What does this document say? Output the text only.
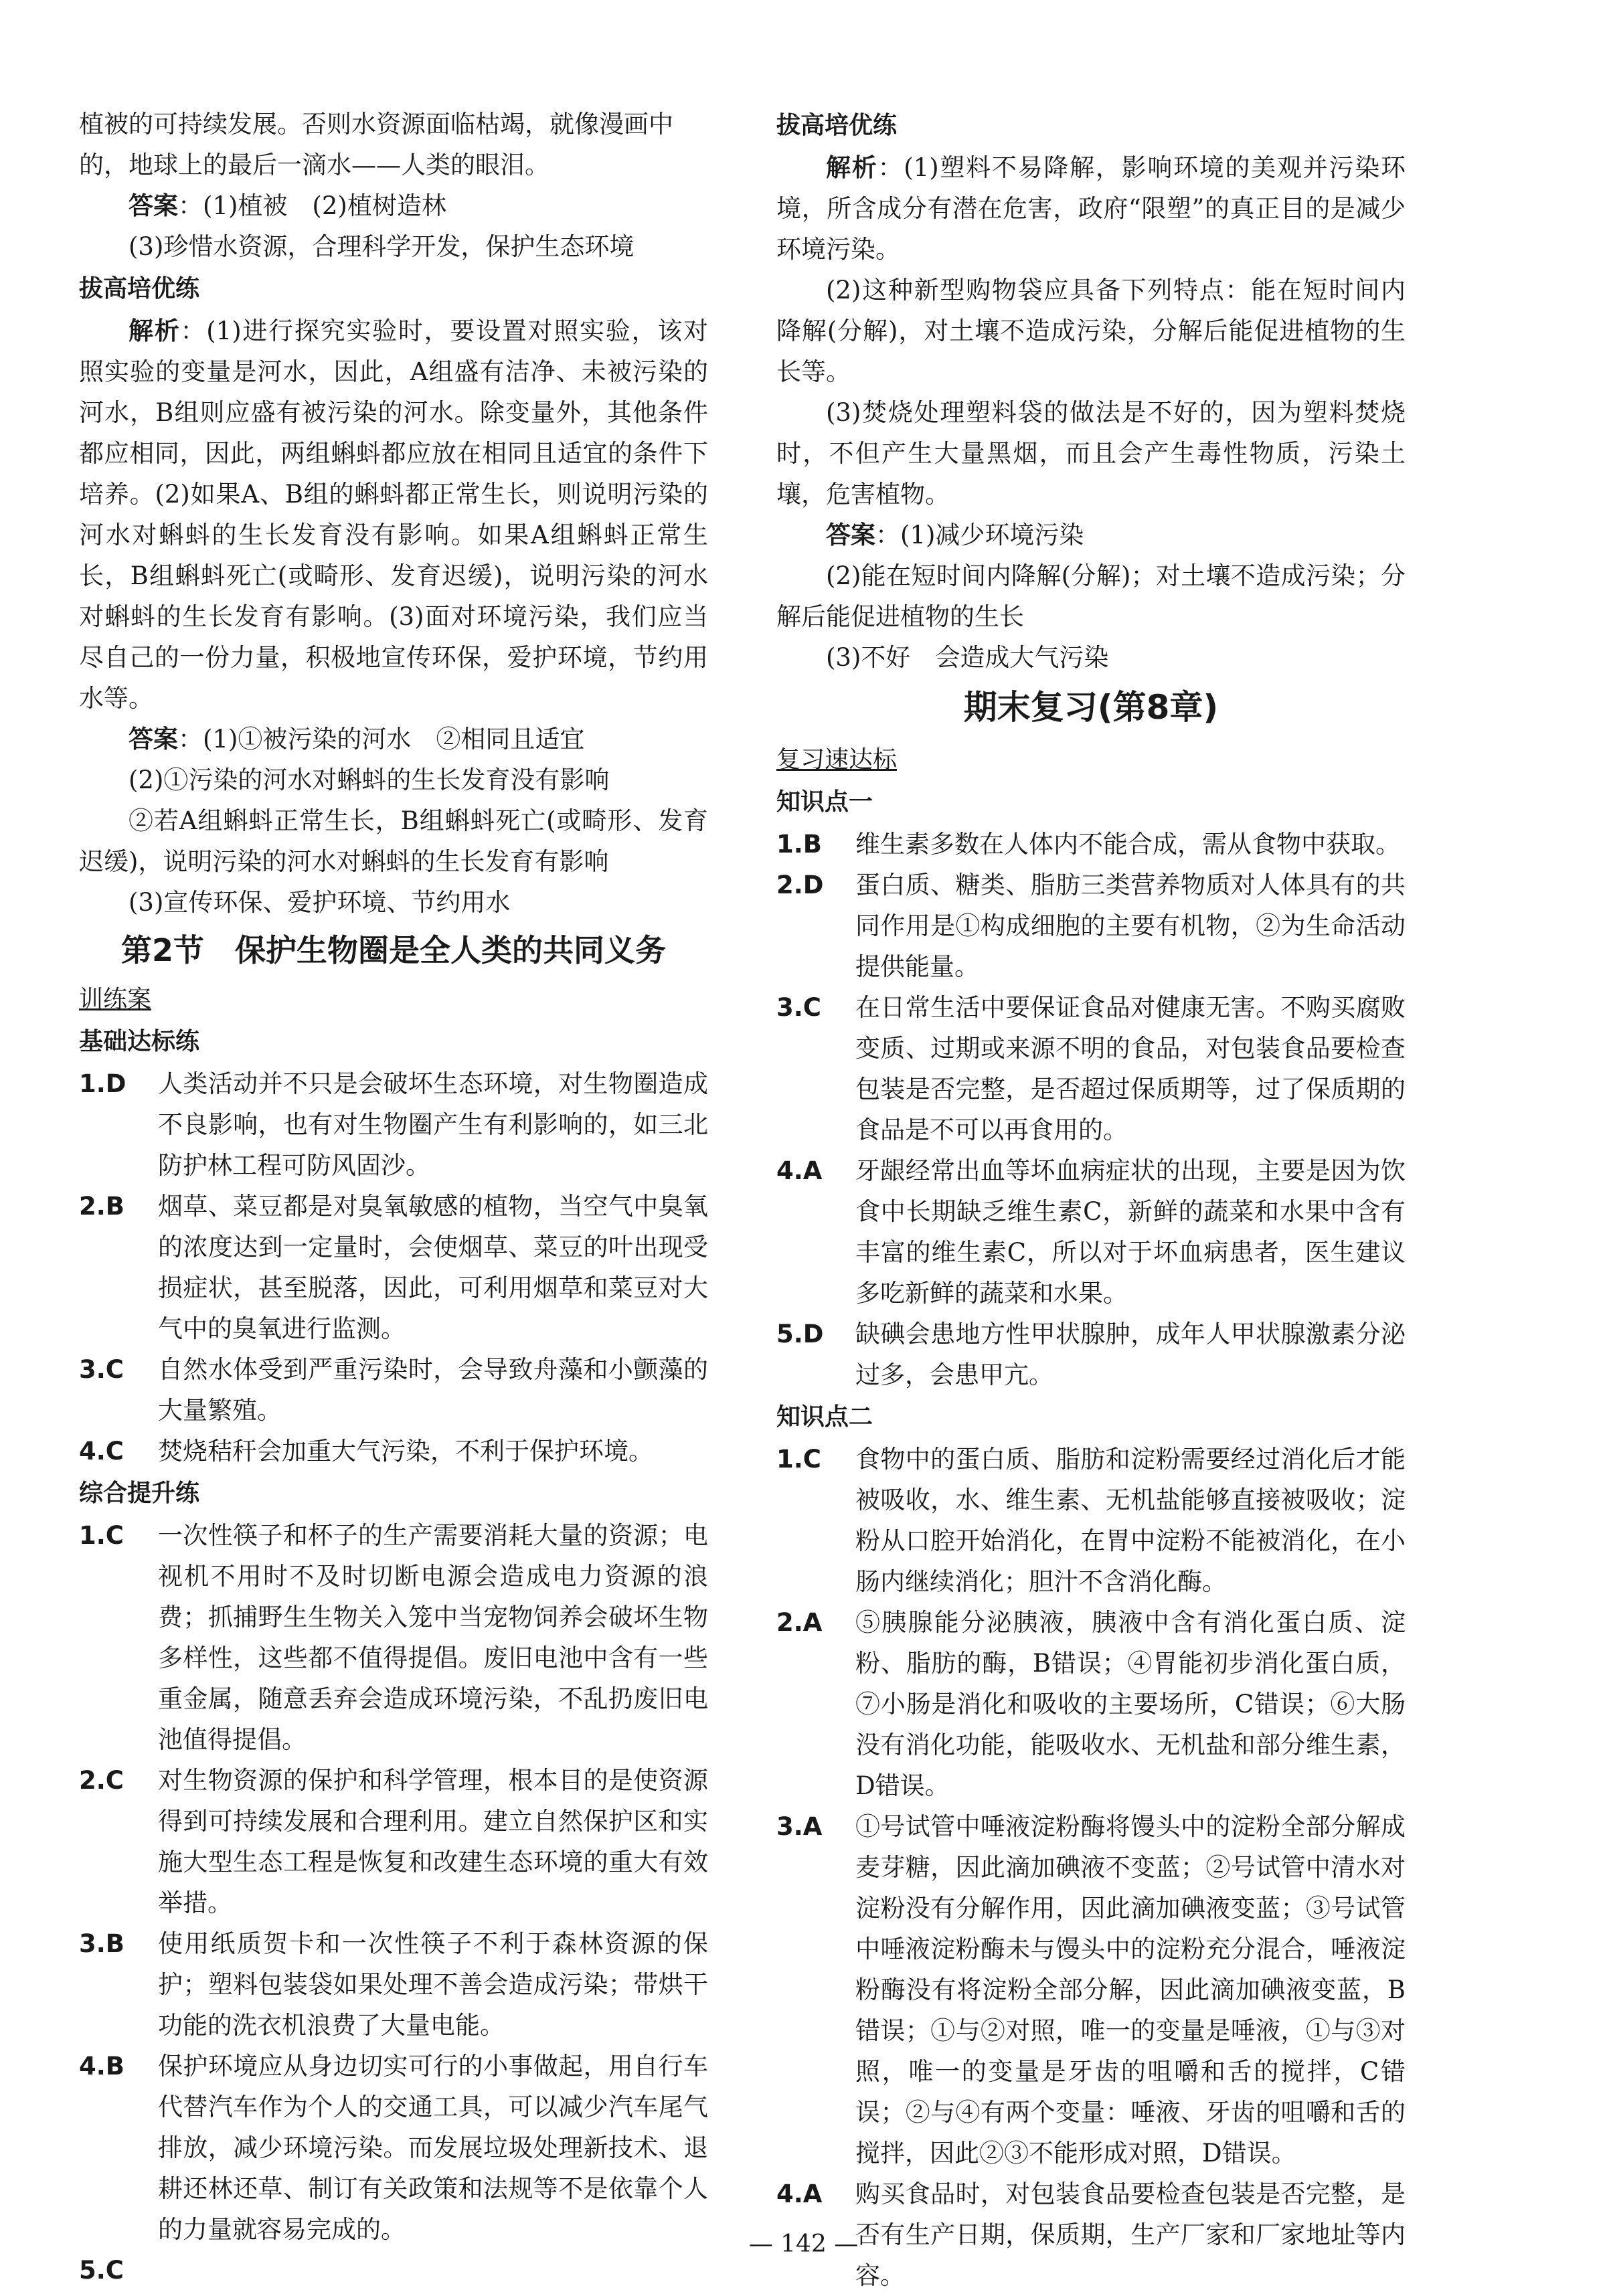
植被的可持续发展。否则水资源面临枯竭，就像漫画中的，地球上的最后一滴水——人类的眼泪。

答案：(1)植被　(2)植树造林

(3)珍惜水资源，合理科学开发，保护生态环境

拔高培优练

解析：(1)进行探究实验时，要设置对照实验，该对照实验的变量是河水，因此，A组盛有洁净、未被污染的河水，B组则应盛有被污染的河水。除变量外，其他条件都应相同，因此，两组蝌蚪都应放在相同且适宜的条件下培养。(2)如果A、B组的蝌蚪都正常生长，则说明污染的河水对蝌蚪的生长发育没有影响。如果A组蝌蚪正常生长，B组蝌蚪死亡(或畸形、发育迟缓)，说明污染的河水对蝌蚪的生长发育有影响。(3)面对环境污染，我们应当尽自己的一份力量，积极地宣传环保，爱护环境，节约用水等。

答案：(1)①被污染的河水　②相同且适宜

(2)①污染的河水对蝌蚪的生长发育没有影响

②若A组蝌蚪正常生长，B组蝌蚪死亡(或畸形、发育迟缓)，说明污染的河水对蝌蚪的生长发育有影响

(3)宣传环保、爱护环境、节约用水

第2节　保护生物圈是全人类的共同义务

训练案

基础达标练

1.D	人类活动并不只是会破坏生态环境，对生物圈造成不良影响，也有对生物圈产生有利影响的，如三北防护林工程可防风固沙。
2.B	烟草、菜豆都是对臭氧敏感的植物，当空气中臭氧的浓度达到一定量时，会使烟草、菜豆的叶出现受损症状，甚至脱落，因此，可利用烟草和菜豆对大气中的臭氧进行监测。
3.C	自然水体受到严重污染时，会导致舟藻和小颤藻的大量繁殖。
4.C	焚烧秸秆会加重大气污染，不利于保护环境。

综合提升练

1.C	一次性筷子和杯子的生产需要消耗大量的资源；电视机不用时不及时切断电源会造成电力资源的浪费；抓捕野生生物关入笼中当宠物饲养会破坏生物多样性，这些都不值得提倡。废旧电池中含有一些重金属，随意丢弃会造成环境污染，不乱扔废旧电池值得提倡。
2.C	对生物资源的保护和科学管理，根本目的是使资源得到可持续发展和合理利用。建立自然保护区和实施大型生态工程是恢复和改建生态环境的重大有效举措。
3.B	使用纸质贺卡和一次性筷子不利于森林资源的保护；塑料包装袋如果处理不善会造成污染；带烘干功能的洗衣机浪费了大量电能。
4.B	保护环境应从身边切实可行的小事做起，用自行车代替汽车作为个人的交通工具，可以减少汽车尾气排放，减少环境污染。而发展垃圾处理新技术、退耕还林还草、制订有关政策和法规等不是依靠个人的力量就容易完成的。
5.C

拔高培优练

解析：(1)塑料不易降解，影响环境的美观并污染环境，所含成分有潜在危害，政府“限塑”的真正目的是减少环境污染。

(2)这种新型购物袋应具备下列特点：能在短时间内降解(分解)，对土壤不造成污染，分解后能促进植物的生长等。

(3)焚烧处理塑料袋的做法是不好的，因为塑料焚烧时，不但产生大量黑烟，而且会产生毒性物质，污染土壤，危害植物。

答案：(1)减少环境污染

(2)能在短时间内降解(分解)；对土壤不造成污染；分解后能促进植物的生长

(3)不好　会造成大气污染

期末复习(第8章)

复习速达标

知识点一

1.B	维生素多数在人体内不能合成，需从食物中获取。
2.D	蛋白质、糖类、脂肪三类营养物质对人体具有的共同作用是①构成细胞的主要有机物，②为生命活动提供能量。
3.C	在日常生活中要保证食品对健康无害。不购买腐败变质、过期或来源不明的食品，对包装食品要检查包装是否完整，是否超过保质期等，过了保质期的食品是不可以再食用的。
4.A	牙龈经常出血等坏血病症状的出现，主要是因为饮食中长期缺乏维生素C，新鲜的蔬菜和水果中含有丰富的维生素C，所以对于坏血病患者，医生建议多吃新鲜的蔬菜和水果。
5.D	缺碘会患地方性甲状腺肿，成年人甲状腺激素分泌过多，会患甲亢。

知识点二

1.C	食物中的蛋白质、脂肪和淀粉需要经过消化后才能被吸收，水、维生素、无机盐能够直接被吸收；淀粉从口腔开始消化，在胃中淀粉不能被消化，在小肠内继续消化；胆汁不含消化酶。
2.A	⑤胰腺能分泌胰液，胰液中含有消化蛋白质、淀粉、脂肪的酶，B错误；④胃能初步消化蛋白质，⑦小肠是消化和吸收的主要场所，C错误；⑥大肠没有消化功能，能吸收水、无机盐和部分维生素，D错误。
3.A	①号试管中唾液淀粉酶将馒头中的淀粉全部分解成麦芽糖，因此滴加碘液不变蓝；②号试管中清水对淀粉没有分解作用，因此滴加碘液变蓝；③号试管中唾液淀粉酶未与馒头中的淀粉充分混合，唾液淀粉酶没有将淀粉全部分解，因此滴加碘液变蓝，B错误；①与②对照，唯一的变量是唾液，①与③对照，唯一的变量是牙齿的咀嚼和舌的搅拌，C错误；②与④有两个变量：唾液、牙齿的咀嚼和舌的搅拌，因此②③不能形成对照，D错误。
4.A	购买食品时，对包装食品要检查包装是否完整，是否有生产日期，保质期，生产厂家和厂家地址等内容。
— 142 —
